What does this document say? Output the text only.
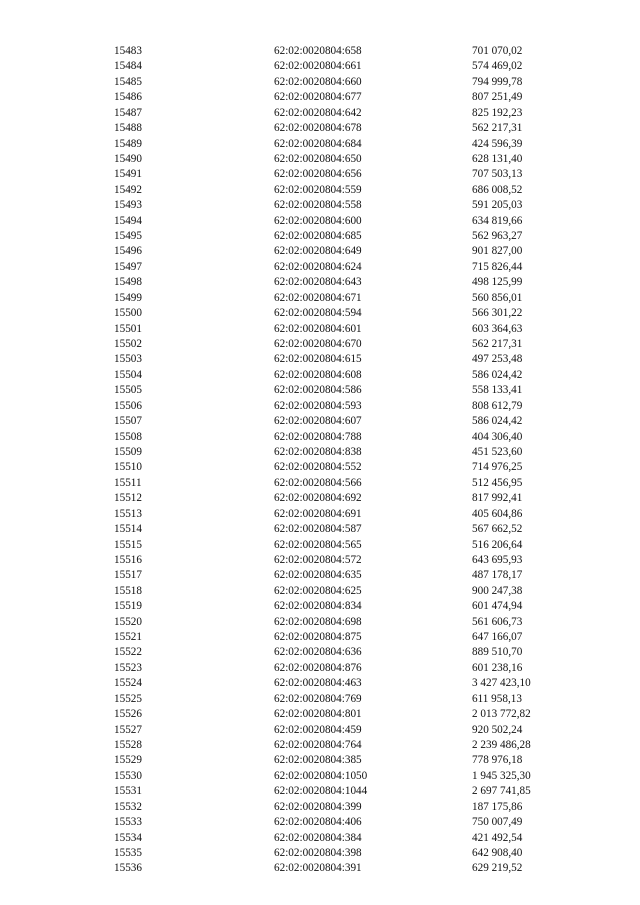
15483	62:02:0020804:658	701 070,02
15484	62:02:0020804:661	574 469,02
15485	62:02:0020804:660	794 999,78
15486	62:02:0020804:677	807 251,49
15487	62:02:0020804:642	825 192,23
15488	62:02:0020804:678	562 217,31
15489	62:02:0020804:684	424 596,39
15490	62:02:0020804:650	628 131,40
15491	62:02:0020804:656	707 503,13
15492	62:02:0020804:559	686 008,52
15493	62:02:0020804:558	591 205,03
15494	62:02:0020804:600	634 819,66
15495	62:02:0020804:685	562 963,27
15496	62:02:0020804:649	901 827,00
15497	62:02:0020804:624	715 826,44
15498	62:02:0020804:643	498 125,99
15499	62:02:0020804:671	560 856,01
15500	62:02:0020804:594	566 301,22
15501	62:02:0020804:601	603 364,63
15502	62:02:0020804:670	562 217,31
15503	62:02:0020804:615	497 253,48
15504	62:02:0020804:608	586 024,42
15505	62:02:0020804:586	558 133,41
15506	62:02:0020804:593	808 612,79
15507	62:02:0020804:607	586 024,42
15508	62:02:0020804:788	404 306,40
15509	62:02:0020804:838	451 523,60
15510	62:02:0020804:552	714 976,25
15511	62:02:0020804:566	512 456,95
15512	62:02:0020804:692	817 992,41
15513	62:02:0020804:691	405 604,86
15514	62:02:0020804:587	567 662,52
15515	62:02:0020804:565	516 206,64
15516	62:02:0020804:572	643 695,93
15517	62:02:0020804:635	487 178,17
15518	62:02:0020804:625	900 247,38
15519	62:02:0020804:834	601 474,94
15520	62:02:0020804:698	561 606,73
15521	62:02:0020804:875	647 166,07
15522	62:02:0020804:636	889 510,70
15523	62:02:0020804:876	601 238,16
15524	62:02:0020804:463	3 427 423,10
15525	62:02:0020804:769	611 958,13
15526	62:02:0020804:801	2 013 772,82
15527	62:02:0020804:459	920 502,24
15528	62:02:0020804:764	2 239 486,28
15529	62:02:0020804:385	778 976,18
15530	62:02:0020804:1050	1 945 325,30
15531	62:02:0020804:1044	2 697 741,85
15532	62:02:0020804:399	187 175,86
15533	62:02:0020804:406	750 007,49
15534	62:02:0020804:384	421 492,54
15535	62:02:0020804:398	642 908,40
15536	62:02:0020804:391	629 219,52
